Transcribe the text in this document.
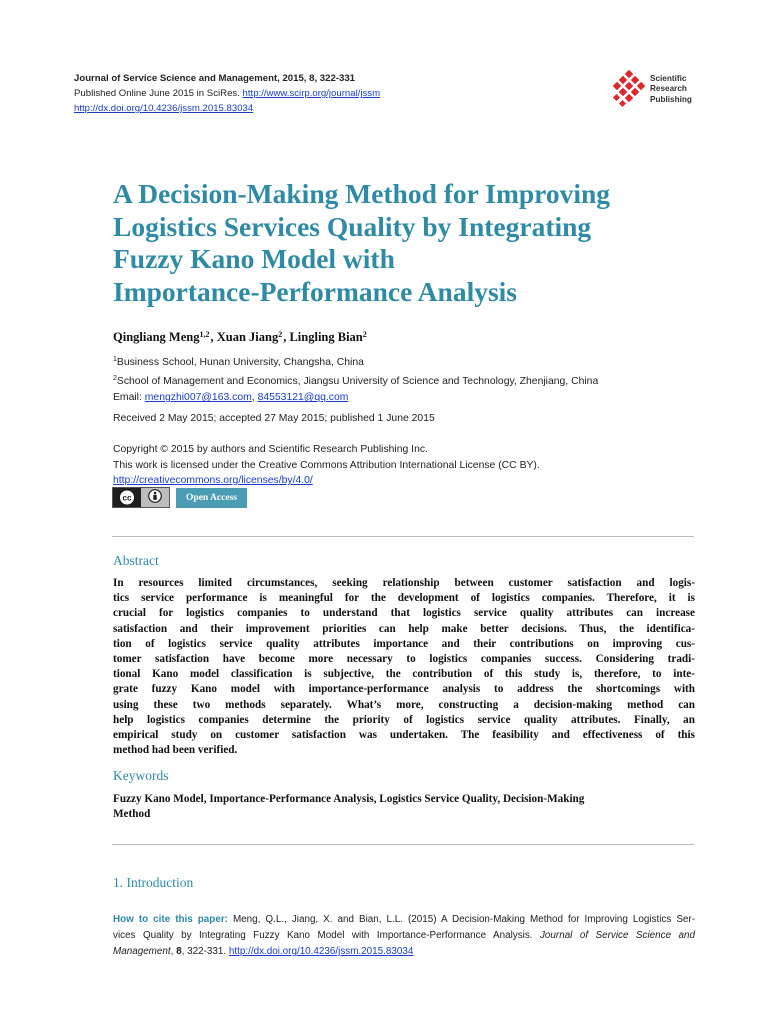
Journal of Service Science and Management, 2015, 8, 322-331
Published Online June 2015 in SciRes. http://www.scirp.org/journal/jssm
http://dx.doi.org/10.4236/jssm.2015.83034
Scientific
Research
Publishing
A Decision-Making Method for Improving
Logistics Services Quality by Integrating
Fuzzy Kano Model with
Importance-Performance Analysis
Qingliang Meng$^{1,2}$, Xuan Jiang$^2$, Lingling Bian$^2$
$^1$Business School, Hunan University, Changsha, China
$^2$School of Management and Economics, Jiangsu University of Science and Technology, Zhenjiang, China
Email: mengzhi007@163.com, 84553121@qq.com
Received 2 May 2015; accepted 27 May 2015; published 1 June 2015
Copyright © 2015 by authors and Scientific Research Publishing Inc.
This work is licensed under the Creative Commons Attribution International License (CC BY).
http://creativecommons.org/licenses/by/4.0/
cc	Open Access
Abstract
In resources limited circumstances, seeking relationship between customer satisfaction and logis-
tics service performance is meaningful for the development of logistics companies. Therefore, it is
crucial for logistics companies to understand that logistics service quality attributes can increase
satisfaction and their improvement priorities can help make better decisions. Thus, the identifica-
tion of logistics service quality attributes importance and their contributions on improving cus-
tomer satisfaction have become more necessary to logistics companies success. Considering tradi-
tional Kano model classification is subjective, the contribution of this study is, therefore, to inte-
grate fuzzy Kano model with importance-performance analysis to address the shortcomings with
using these two methods separately. What’s more, constructing a decision-making method can
help logistics companies determine the priority of logistics service quality attributes. Finally, an
empirical study on customer satisfaction was undertaken. The feasibility and effectiveness of this
method had been verified.
Keywords
Fuzzy Kano Model, Importance-Performance Analysis, Logistics Service Quality, Decision-Making
Method
1. Introduction
How to cite this paper: Meng, Q.L., Jiang, X. and Bian, L.L. (2015) A Decision-Making Method for Improving Logistics Ser-
vices Quality by Integrating Fuzzy Kano Model with Importance-Performance Analysis. Journal of Service Science and
Management, 8, 322-331. http://dx.doi.org/10.4236/jssm.2015.83034
